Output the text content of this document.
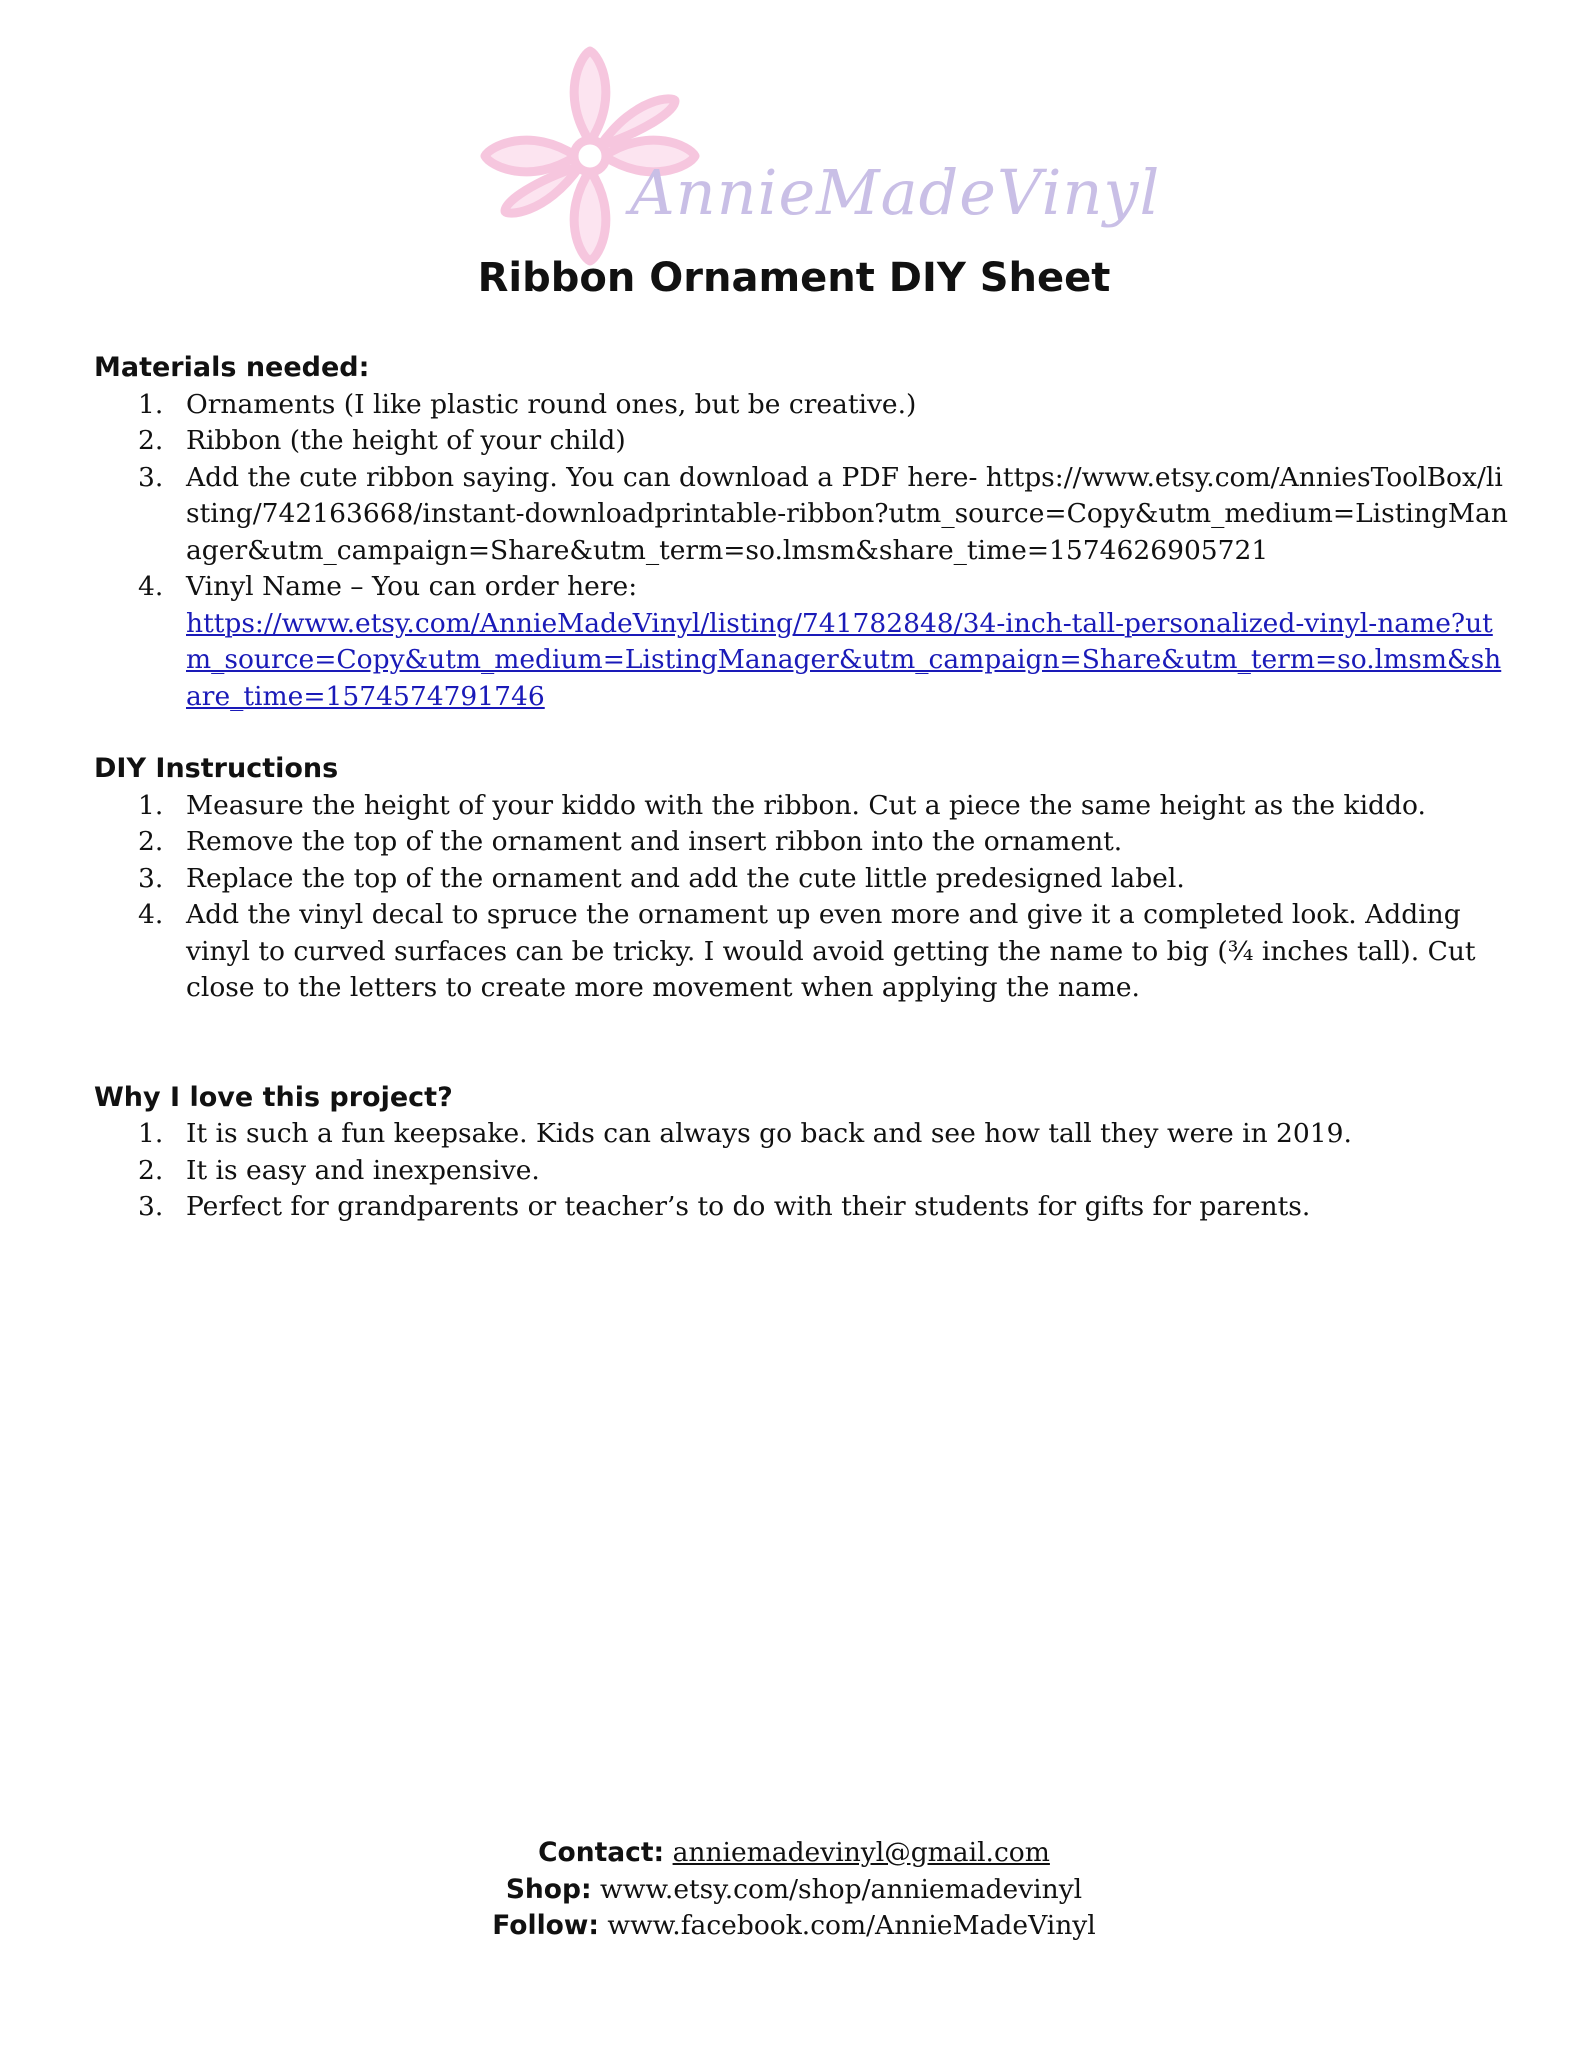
AnnieMadeVinyl
Ribbon Ornament DIY Sheet

Materials needed:

1. Ornaments (I like plastic round ones, but be creative.)
2. Ribbon (the height of your child)
3. Add the cute ribbon saying. You can download a PDF here- https://www.etsy.com/AnniesToolBox/listing/742163668/instant-downloadprintable-ribbon?utm_source=Copy&utm_medium=ListingManager&utm_campaign=Share&utm_term=so.lmsm&share_time=1574626905721
4. Vinyl Name – You can order here:
https://www.etsy.com/AnnieMadeVinyl/listing/741782848/34-inch-tall-personalized-vinyl-name?utm_source=Copy&utm_medium=ListingManager&utm_campaign=Share&utm_term=so.lmsm&share_time=1574574791746

DIY Instructions

1. Measure the height of your kiddo with the ribbon. Cut a piece the same height as the kiddo.
2. Remove the top of the ornament and insert ribbon into the ornament.
3. Replace the top of the ornament and add the cute little predesigned label.
4. Add the vinyl decal to spruce the ornament up even more and give it a completed look. Adding vinyl to curved surfaces can be tricky. I would avoid getting the name to big (¾ inches tall). Cut close to the letters to create more movement when applying the name.

Why I love this project?

1. It is such a fun keepsake. Kids can always go back and see how tall they were in 2019.
2. It is easy and inexpensive.
3. Perfect for grandparents or teacher’s to do with their students for gifts for parents.
Contact: anniemadevinyl@gmail.com
Shop: www.etsy.com/shop/anniemadevinyl
Follow: www.facebook.com/AnnieMadeVinyl
